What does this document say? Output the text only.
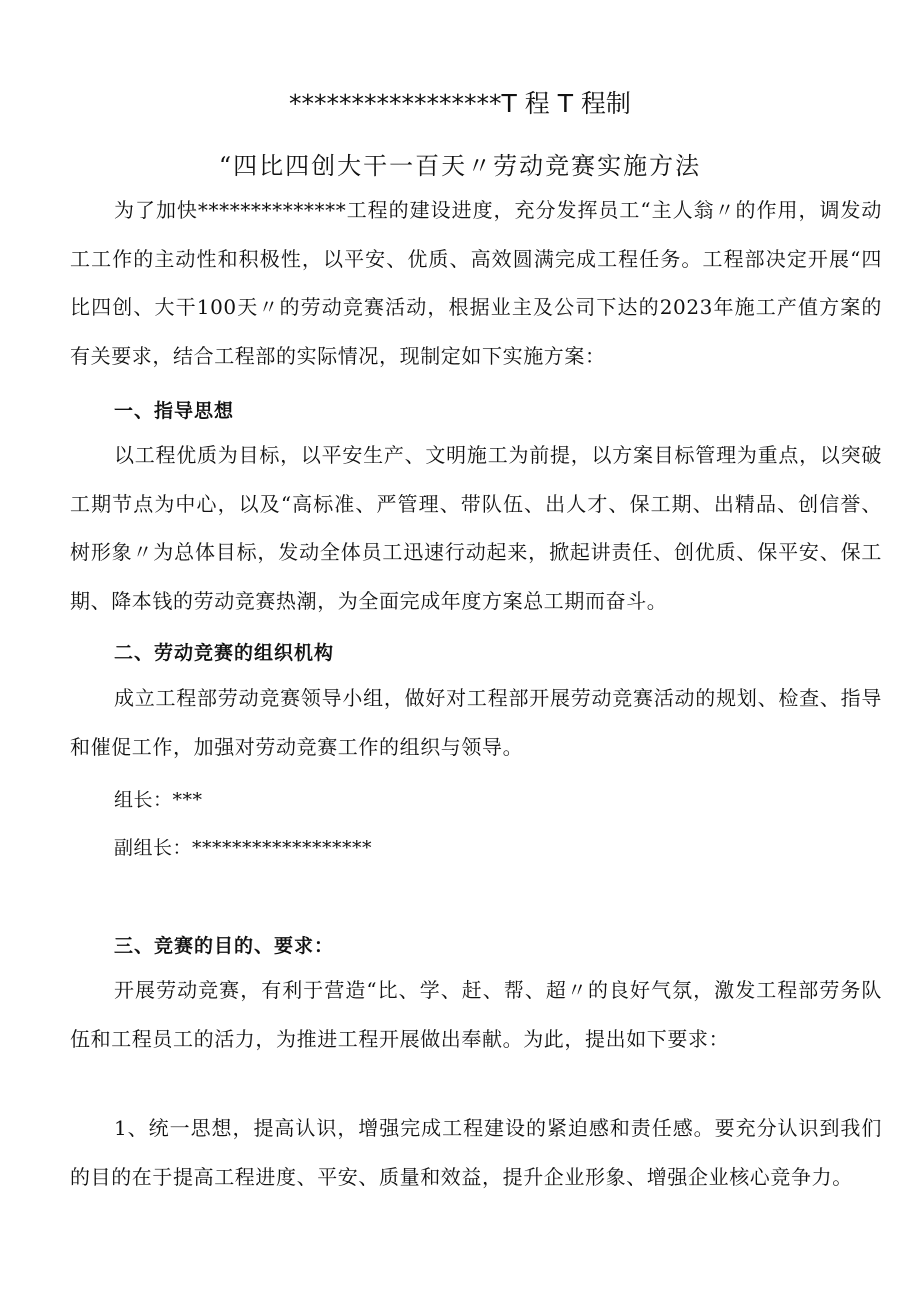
*****************T 程 T 程制
“四比四创大干一百天〃劳动竞赛实施方法
为了加快**************工程的建设进度，充分发挥员工“主人翁〃的作用，调发动工工作的主动性和积极性，以平安、优质、高效圆满完成工程任务。工程部决定开展“四比四创、大干100天〃的劳动竞赛活动，根据业主及公司下达的2023年施工产值方案的有关要求，结合工程部的实际情况，现制定如下实施方案：
一、指导思想
以工程优质为目标，以平安生产、文明施工为前提，以方案目标管理为重点，以突破工期节点为中心，以及“高标准、严管理、带队伍、出人才、保工期、出精品、创信誉、树形象〃为总体目标，发动全体员工迅速行动起来，掀起讲责任、创优质、保平安、保工期、降本钱的劳动竞赛热潮，为全面完成年度方案总工期而奋斗。
二、劳动竞赛的组织机构
成立工程部劳动竞赛领导小组，做好对工程部开展劳动竞赛活动的规划、检查、指导和催促工作，加强对劳动竞赛工作的组织与领导。
组长：***
副组长：******************
三、竞赛的目的、要求：
开展劳动竞赛，有利于营造“比、学、赶、帮、超〃的良好气氛，激发工程部劳务队伍和工程员工的活力，为推进工程开展做出奉献。为此，提出如下要求：
1、统一思想，提高认识，增强完成工程建设的紧迫感和责任感。要充分认识到我们的目的在于提高工程进度、平安、质量和效益，提升企业形象、增强企业核心竞争力。
